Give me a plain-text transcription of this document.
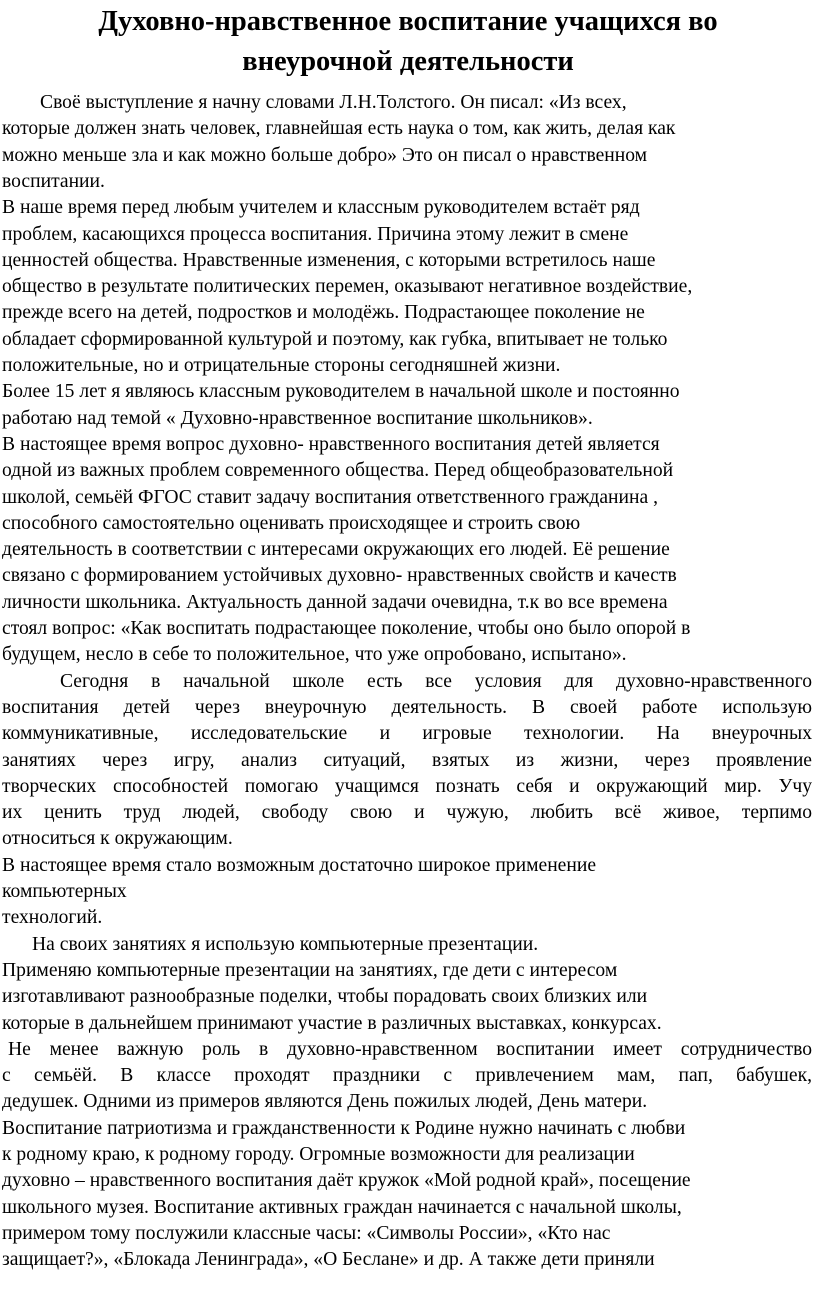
Духовно-нравственное воспитание учащихся во
внеурочной деятельности
Своё выступление я начну словами Л.Н.Толстого. Он писал: «Из всех,
которые должен знать человек, главнейшая есть наука о том, как жить, делая как
можно меньше зла и как можно больше добро» Это он писал о нравственном
воспитании.
В наше время перед любым учителем и классным руководителем встаёт ряд
проблем, касающихся процесса воспитания. Причина этому лежит в смене
ценностей общества. Нравственные изменения, с которыми встретилось наше
общество в результате политических перемен, оказывают негативное воздействие,
прежде всего на детей, подростков и молодёжь. Подрастающее поколение не
обладает сформированной культурой и поэтому, как губка, впитывает не только
положительные, но и отрицательные стороны сегодняшней жизни.
Более 15 лет я являюсь классным руководителем в начальной школе и постоянно
работаю над темой « Духовно-нравственное воспитание школьников».
В настоящее время вопрос духовно- нравственного воспитания детей является
одной из важных проблем современного общества. Перед общеобразовательной
школой, семьёй ФГОС ставит задачу воспитания ответственного гражданина ,
способного самостоятельно оценивать происходящее и строить свою
деятельность в соответствии с интересами окружающих его людей. Её решение
связано с формированием устойчивых духовно- нравственных свойств и качеств
личности школьника. Актуальность данной задачи очевидна, т.к во все времена
стоял вопрос: «Как воспитать подрастающее поколение, чтобы оно было опорой в
будущем, несло в себе то положительное, что уже опробовано, испытано».
Сегодня в начальной школе есть все условия для духовно-нравственного
воспитания детей через внеурочную деятельность. В своей работе использую
коммуникативные, исследовательские и игровые технологии. На внеурочных
занятиях через игру, анализ ситуаций, взятых из жизни, через проявление
творческих способностей помогаю учащимся познать себя и окружающий мир. Учу
их ценить труд людей, свободу свою и чужую, любить всё живое, терпимо
относиться к окружающим.
В настоящее время стало возможным достаточно широкое применение
компьютерных
технологий.
На своих занятиях я использую компьютерные презентации.
Применяю компьютерные презентации на занятиях, где дети с интересом
изготавливают разнообразные поделки, чтобы порадовать своих близких или
которые в дальнейшем принимают участие в различных выставках, конкурсах.
Не менее важную роль в духовно-нравственном воспитании имеет сотрудничество
с семьёй. В классе проходят праздники с привлечением мам, пап, бабушек,
дедушек. Одними из примеров являются День пожилых людей, День матери.
Воспитание патриотизма и гражданственности к Родине нужно начинать с любви
к родному краю, к родному городу. Огромные возможности для реализации
духовно – нравственного воспитания даёт кружок «Мой родной край», посещение
школьного музея. Воспитание активных граждан начинается с начальной школы,
примером тому послужили классные часы: «Символы России», «Кто нас
защищает?», «Блокада Ленинграда», «О Беслане» и др. А также дети приняли
